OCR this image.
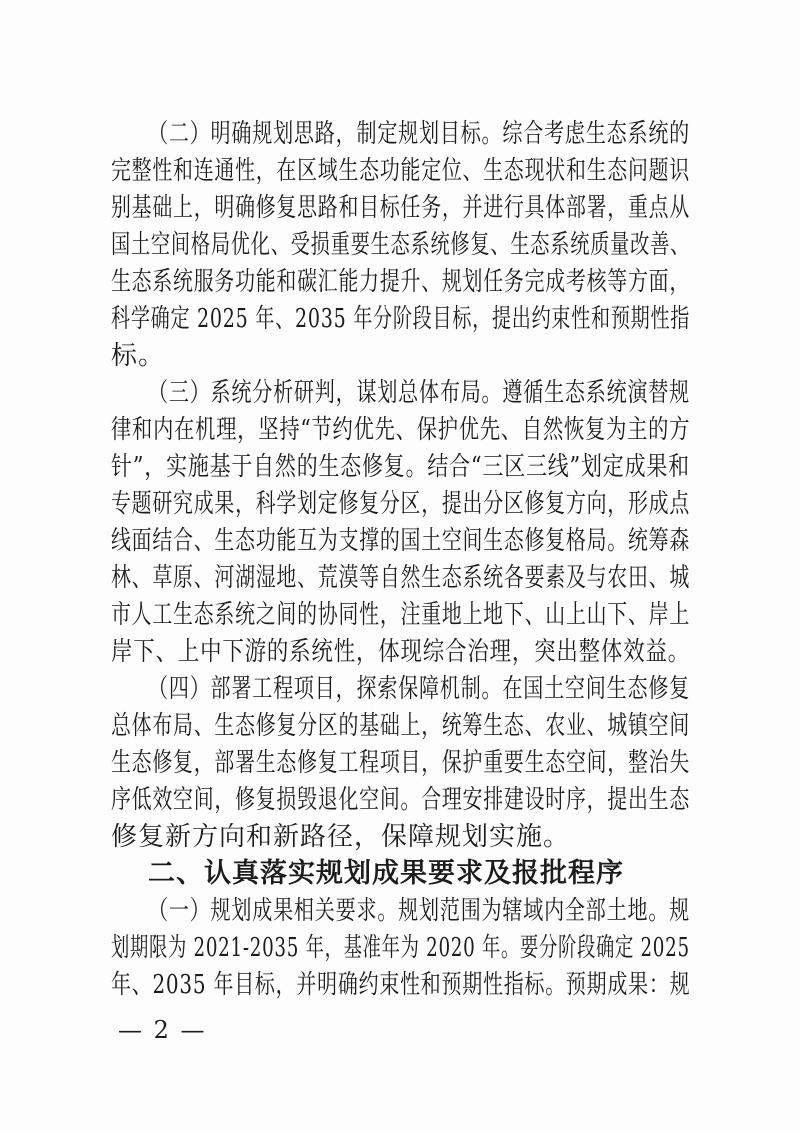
（二）明确规划思路，制定规划目标。综合考虑生态系统的
完整性和连通性，在区域生态功能定位、生态现状和生态问题识
别基础上，明确修复思路和目标任务，并进行具体部署，重点从
国土空间格局优化、受损重要生态系统修复、生态系统质量改善、
生态系统服务功能和碳汇能力提升、规划任务完成考核等方面，
科学确定 2025 年、2035 年分阶段目标，提出约束性和预期性指
标。
（三）系统分析研判，谋划总体布局。遵循生态系统演替规
律和内在机理，坚持“节约优先、保护优先、自然恢复为主的方
针”，实施基于自然的生态修复。结合“三区三线”划定成果和
专题研究成果，科学划定修复分区，提出分区修复方向，形成点
线面结合、生态功能互为支撑的国土空间生态修复格局。统筹森
林、草原、河湖湿地、荒漠等自然生态系统各要素及与农田、城
市人工生态系统之间的协同性，注重地上地下、山上山下、岸上
岸下、上中下游的系统性，体现综合治理，突出整体效益。
（四）部署工程项目，探索保障机制。在国土空间生态修复
总体布局、生态修复分区的基础上，统筹生态、农业、城镇空间
生态修复，部署生态修复工程项目，保护重要生态空间，整治失
序低效空间，修复损毁退化空间。合理安排建设时序，提出生态
修复新方向和新路径，保障规划实施。
二、认真落实规划成果要求及报批程序
（一）规划成果相关要求。规划范围为辖域内全部土地。规
划期限为 2021-2035 年，基准年为 2020 年。要分阶段确定 2025
年、2035 年目标，并明确约束性和预期性指标。预期成果：规
— 2 —
